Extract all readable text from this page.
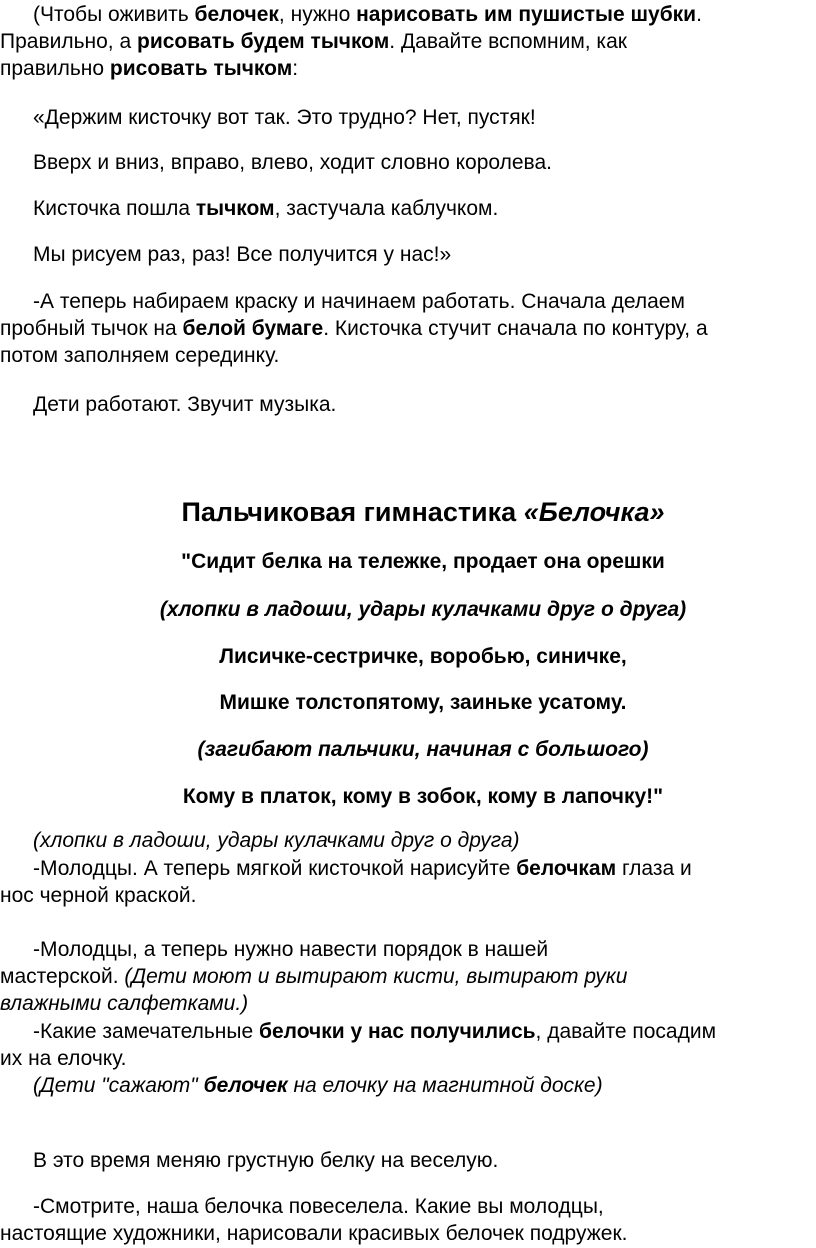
(Чтобы оживить белочек, нужно нарисовать им пушистые шубки.
Правильно, а рисовать будем тычком. Давайте вспомним, как
правильно рисовать тычком:
«Держим кисточку вот так. Это трудно? Нет, пустяк!
Вверх и вниз, вправо, влево, ходит словно королева.
Кисточка пошла тычком, застучала каблучком.
Мы рисуем раз, раз! Все получится у нас!»
-А теперь набираем краску и начинаем работать. Сначала делаем
пробный тычок на белой бумаге. Кисточка стучит сначала по контуру, а
потом заполняем серединку.
Дети работают. Звучит музыка.
Пальчиковая гимнастика «Белочка»
"Сидит белка на тележке, продает она орешки
(хлопки в ладоши, удары кулачками друг о друга)
Лисичке-сестричке, воробью, синичке,
Мишке толстопятому, заиньке усатому.
(загибают пальчики, начиная с большого)
Кому в платок, кому в зобок, кому в лапочку!"
(хлопки в ладоши, удары кулачками друг о друга)
-Молодцы. А теперь мягкой кисточкой нарисуйте белочкам глаза и
нос черной краской.
-Молодцы, а теперь нужно навести порядок в нашей
мастерской. (Дети моют и вытирают кисти, вытирают руки
влажными салфетками.)
-Какие замечательные белочки у нас получились, давайте посадим
их на елочку.
(Дети "сажают" белочек на елочку на магнитной доске)
В это время меняю грустную белку на веселую.
-Смотрите, наша белочка повеселела. Какие вы молодцы,
настоящие художники, нарисовали красивых белочек подружек.
